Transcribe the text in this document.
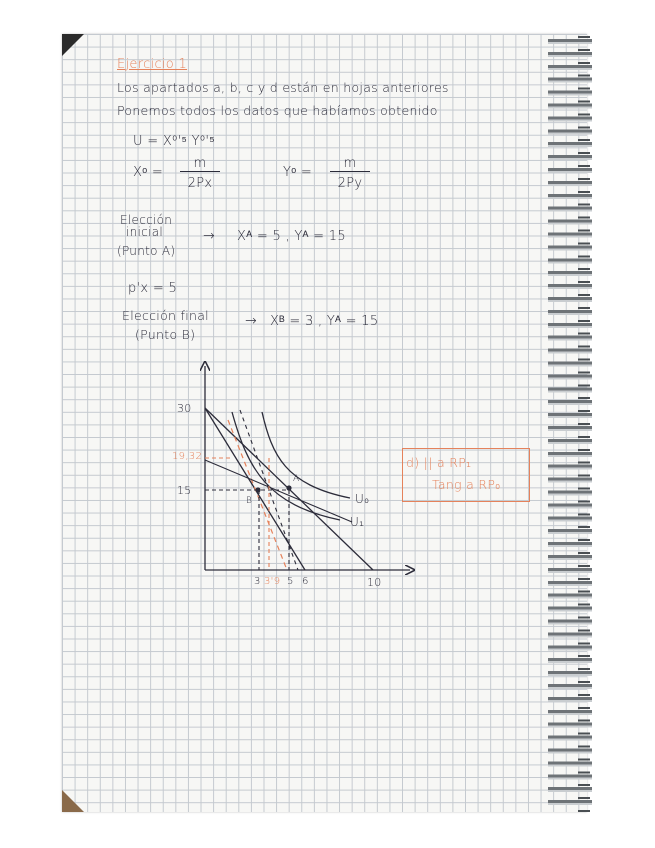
Ejercicio 1
Los apartados a, b, c y d están en hojas anteriores
Ponemos todos los datos que habíamos obtenido
U = X⁰'⁵ Y⁰'⁵
Xᵒ =
m
2Px
Yᵒ =
m
2Py
Elección
inicial
(Punto A)
→ Xᴬ = 5 , Yᴬ = 15
p'x = 5
Elección final
(Punto B)
→ Xᴮ = 3 , Yᴬ = 15
30
19,32
15
3 3'9 5 6	10
A
B	U₀
U₁
d) || a RP₁
Tang a RP₀
